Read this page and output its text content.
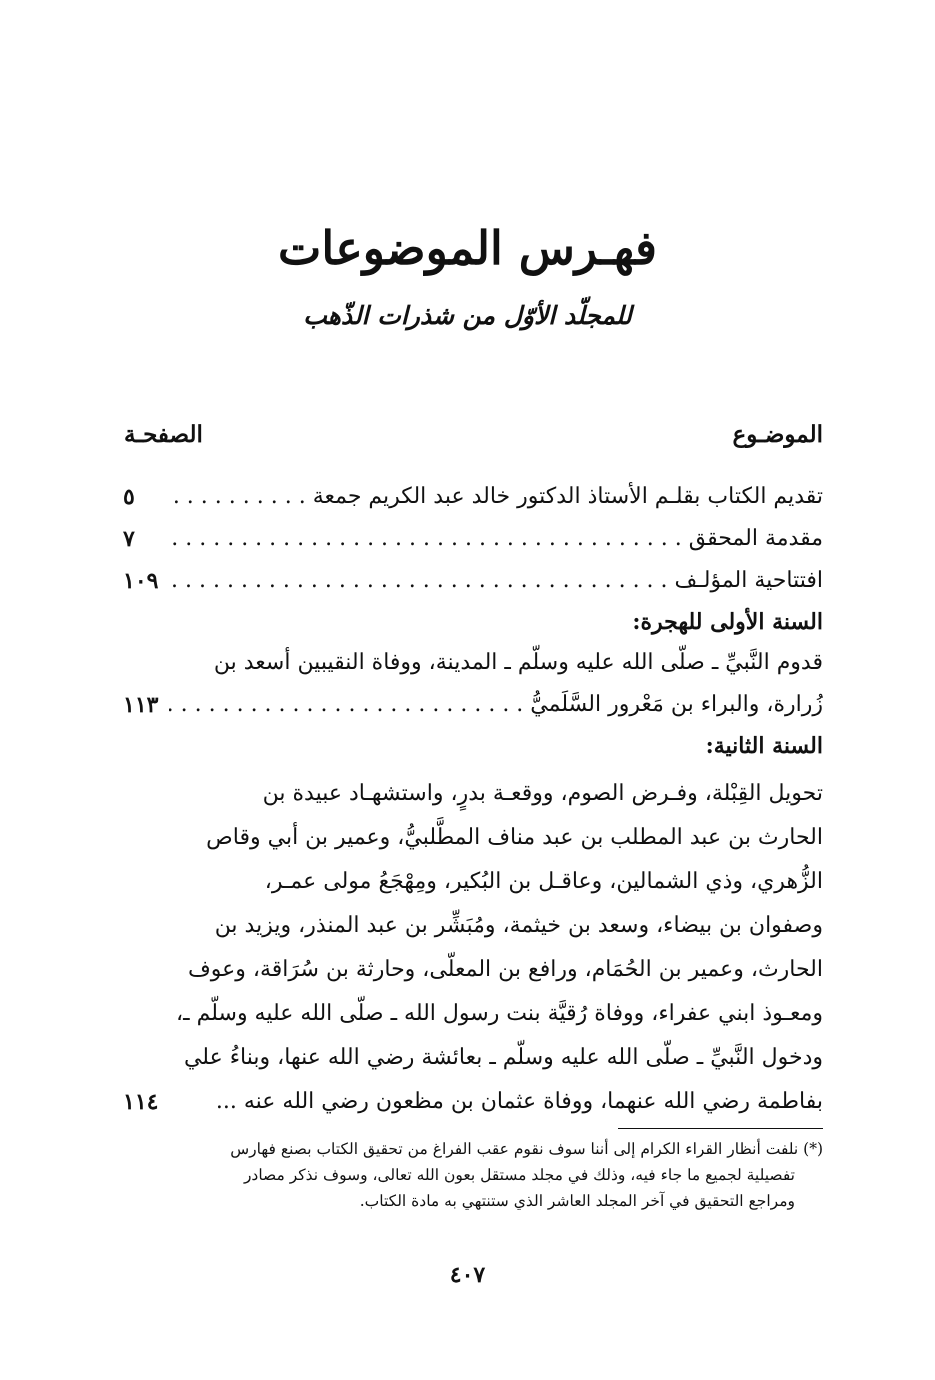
فهـرس الموضوعات
للمجلّد الأوّل من شذرات الذّهب
الموضـوع
الصفحـة
تقديم الكتاب بقلـم الأستاذ الدكتور خالد عبد الكريم جمعة . . .
٥
مقدمة المحقق . . .
٧
افتتاحية المؤلـف . . .
١٠٩
السنة الأولى للهجرة:
قدوم النَّبيِّ ـ صلّى الله عليه وسلّم ـ المدينة، ووفاة النقيبين أسعد بن
زُرارة، والبراء بن مَعْرور السَّلَميُّ . . .
١١٣
السنة الثانية:
تحويل القِبْلة، وفـرض الصوم، ووقعـة بدرٍ، واستشهـاد عبيدة بن
الحارث بن عبد المطلب بن عبد مناف المطَّلبيُّ، وعمير بن أبي وقاص
الزُّهري، وذي الشمالين، وعاقـل بن البُكير، ومِهْجَعُ مولى عمـر،
وصفوان بن بيضاء، وسعد بن خيثمة، ومُبَشِّر بن عبد المنذر، ويزيد بن
الحارث، وعمير بن الحُمَام، ورافع بن المعلّى، وحارثة بن سُرَاقة، وعوف
ومعـوذ ابني عفراء، ووفاة رُقيَّة بنت رسول الله ـ صلّى الله عليه وسلّم ـ،
ودخول النَّبيِّ ـ صلّى الله عليه وسلّم ـ بعائشة رضي الله عنها، وبناءُ علي
بفاطمة رضي الله عنهما، ووفاة عثمان بن مظعون رضي الله عنه ...
١١٤
(*) نلفت أنظار القراء الكرام إلى أننا سوف نقوم عقب الفراغ من تحقيق الكتاب بصنع فهارس
تفصيلية لجميع ما جاء فيه، وذلك في مجلد مستقل بعون الله تعالى، وسوف نذكر مصادر
ومراجع التحقيق في آخر المجلد العاشر الذي ستنتهي به مادة الكتاب.
٤٠٧
